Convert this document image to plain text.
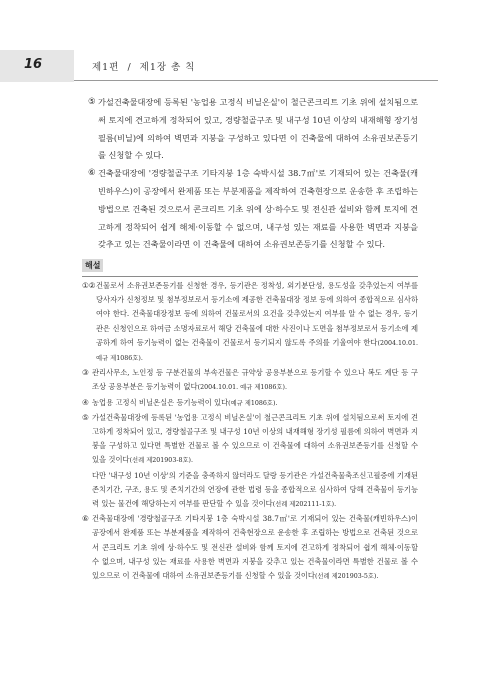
16	제1편 / 제1장 총 칙
⑤ 가설건축물대장에 등록된 '농업용 고정식 비닐온실'이 철근콘크리트 기초 위에 설치됨으로써 토지에 견고하게 정착되어 있고, 경량철골구조 및 내구성 10년 이상의 내재해형 장기성 필름(비닐)에 의하여 벽면과 지붕을 구성하고 있다면 이 건축물에 대하여 소유권보존등기를 신청할 수 있다.

⑥ 건축물대장에 '경량철골구조 기타지붕 1층 숙박시설 38.7㎡'로 기재되어 있는 건축물(캐빈하우스)이 공장에서 완제품 또는 부분제품을 제작하여 건축현장으로 운송한 후 조립하는 방법으로 건축된 것으로서 콘크리트 기초 위에 상·하수도 및 전신관 설비와 함께 토지에 견고하게 정착되어 쉽게 해체·이동할 수 없으며, 내구성 있는 재료를 사용한 벽면과 지붕을 갖추고 있는 건축물이라면 이 건축물에 대하여 소유권보존등기를 신청할 수 있다.

해설
①② 건물로서 소유권보존등기를 신청한 경우, 등기관은 정착성, 외기분단성, 용도성을 갖추었는지 여부를 당사자가 신청정보 및 첨부정보로서 등기소에 제공한 건축물대장 정보 등에 의하여 종합적으로 심사하여야 한다. 건축물대장정보 등에 의하여 건물로서의 요건을 갖추었는지 여부를 알 수 없는 경우, 등기관은 신청인으로 하여금 소명자료로서 해당 건축물에 대한 사진이나 도면을 첨부정보로서 등기소에 제공하게 하여 등기능력이 없는 건축물이 건물로서 등기되지 않도록 주의를 기울여야 한다(2004.10.01. 예규 제1086호).

③ 관리사무소, 노인정 등 구분건물의 부속건물은 규약상 공용부분으로 등기할 수 있으나 복도 계단 등 구조상 공용부분은 등기능력이 없다(2004.10.01. 예규 제1086호).

④ 농업용 고정식 비닐온실은 등기능력이 있다(예규 제1086호).

⑤ 가설건축물대장에 등록된 '농업용 고정식 비닐온실'이 철근콘크리트 기초 위에 설치됨으로써 토지에 견고하게 정착되어 있고, 경량철골구조 및 내구성 10년 이상의 내재해형 장기성 필름에 의하여 벽면과 지붕을 구성하고 있다면 특별한 건물로 볼 수 있으므로 이 건축물에 대하여 소유권보존등기를 신청할 수 있을 것이다(선례 제201903-8호).

다만 '내구성 10년 이상'의 기준을 충족하지 않더라도 달랑 등기관은 가설건축물축조신고필증에 기재된 존치기간, 구조, 용도 및 존치기간의 연장에 관한 법령 등을 종합적으로 심사하여 당해 건축물이 등기능력 있는 물건에 해당하는지 여부를 판단할 수 있을 것이다(선례 제202111-1호).

⑥ 건축물대장에 '경량철골구조 기타지붕 1층 숙박시설 38.7㎡'로 기재되어 있는 건축물(캐빈하우스)이 공장에서 완제품 또는 부분제품을 제작하여 건축현장으로 운송한 후 조립하는 방법으로 건축된 것으로서 콘크리트 기초 위에 상·하수도 및 전신관 설비와 함께 토지에 견고하게 정착되어 쉽게 해체·이동할 수 없으며, 내구성 있는 재료를 사용한 벽면과 지붕을 갖추고 있는 건축물이라면 특별한 건물로 볼 수 있으므로 이 건축물에 대하여 소유권보존등기를 신청할 수 있을 것이다(선례 제201903-5호).
